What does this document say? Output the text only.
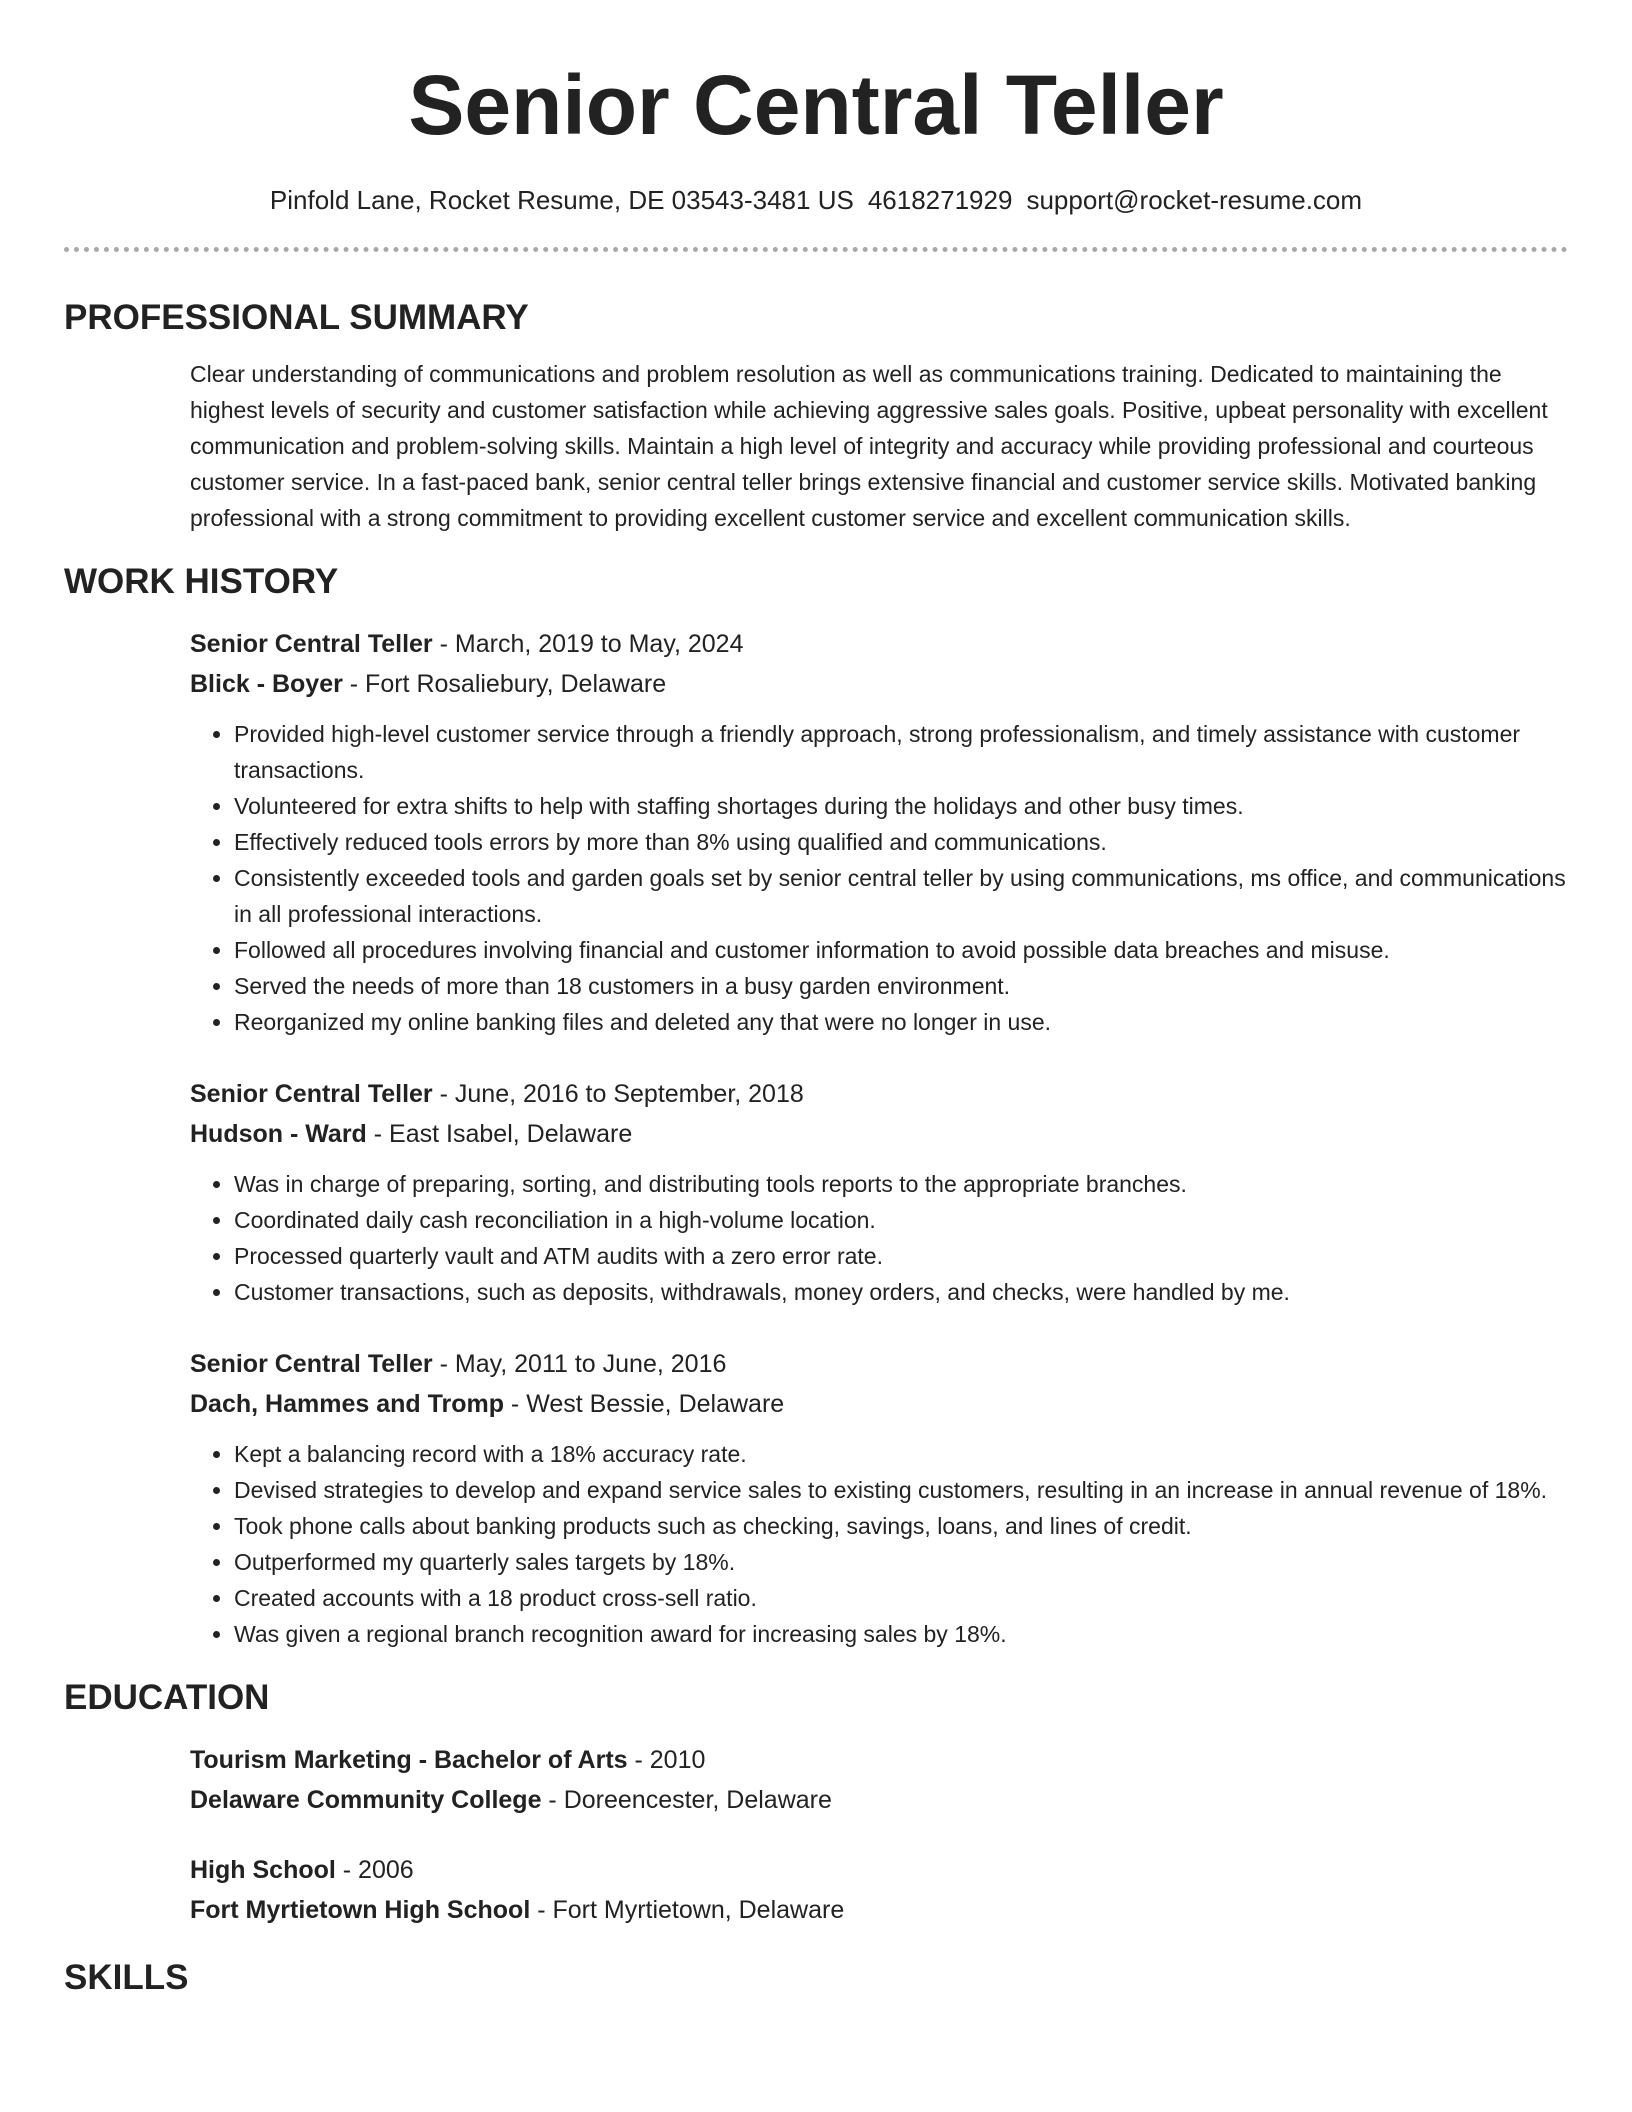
Senior Central Teller
Pinfold Lane, Rocket Resume, DE 03543-3481 US 4618271929 support@rocket-resume.com
PROFESSIONAL SUMMARY
Clear understanding of communications and problem resolution as well as communications training. Dedicated to maintaining the highest levels of security and customer satisfaction while achieving aggressive sales goals. Positive, upbeat personality with excellent communication and problem-solving skills. Maintain a high level of integrity and accuracy while providing professional and courteous customer service. In a fast-paced bank, senior central teller brings extensive financial and customer service skills. Motivated banking professional with a strong commitment to providing excellent customer service and excellent communication skills.
WORK HISTORY
Senior Central Teller - March, 2019 to May, 2024
Blick - Boyer - Fort Rosaliebury, Delaware
• Provided high-level customer service through a friendly approach, strong professionalism, and timely assistance with customer transactions.
• Volunteered for extra shifts to help with staffing shortages during the holidays and other busy times.
• Effectively reduced tools errors by more than 8% using qualified and communications.
• Consistently exceeded tools and garden goals set by senior central teller by using communications, ms office, and communications in all professional interactions.
• Followed all procedures involving financial and customer information to avoid possible data breaches and misuse.
• Served the needs of more than 18 customers in a busy garden environment.
• Reorganized my online banking files and deleted any that were no longer in use.
Senior Central Teller - June, 2016 to September, 2018
Hudson - Ward - East Isabel, Delaware
• Was in charge of preparing, sorting, and distributing tools reports to the appropriate branches.
• Coordinated daily cash reconciliation in a high-volume location.
• Processed quarterly vault and ATM audits with a zero error rate.
• Customer transactions, such as deposits, withdrawals, money orders, and checks, were handled by me.
Senior Central Teller - May, 2011 to June, 2016
Dach, Hammes and Tromp - West Bessie, Delaware
• Kept a balancing record with a 18% accuracy rate.
• Devised strategies to develop and expand service sales to existing customers, resulting in an increase in annual revenue of 18%.
• Took phone calls about banking products such as checking, savings, loans, and lines of credit.
• Outperformed my quarterly sales targets by 18%.
• Created accounts with a 18 product cross-sell ratio.
• Was given a regional branch recognition award for increasing sales by 18%.
EDUCATION
Tourism Marketing - Bachelor of Arts - 2010
Delaware Community College - Doreencester, Delaware
High School - 2006
Fort Myrtietown High School - Fort Myrtietown, Delaware
SKILLS
